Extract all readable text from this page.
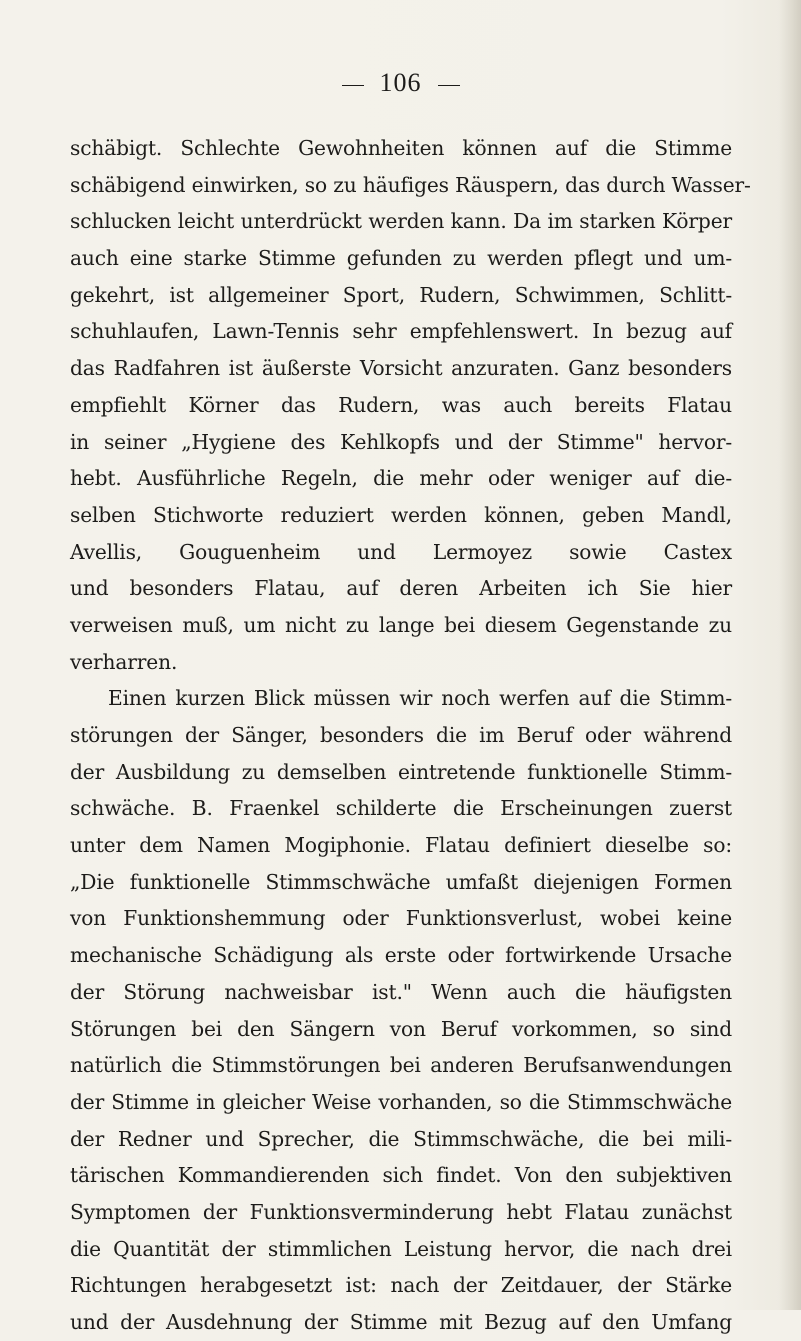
106
schäbigt. Schlechte Gewohnheiten können auf die Stimme
schäbigend einwirken, so zu häufiges Räuspern, das durch Wasser-
schlucken leicht unterdrückt werden kann. Da im starken Körper
auch eine starke Stimme gefunden zu werden pflegt und um-
gekehrt, ist allgemeiner Sport, Rudern, Schwimmen, Schlitt-
schuhlaufen, Lawn-Tennis sehr empfehlenswert. In bezug auf
das Radfahren ist äußerste Vorsicht anzuraten. Ganz besonders
empfiehlt Körner das Rudern, was auch bereits Flatau
in seiner „Hygiene des Kehlkopfs und der Stimme" hervor-
hebt. Ausführliche Regeln, die mehr oder weniger auf die-
selben Stichworte reduziert werden können, geben Mandl,
Avellis, Gouguenheim und Lermoyez sowie Castex
und besonders Flatau, auf deren Arbeiten ich Sie hier
verweisen muß, um nicht zu lange bei diesem Gegenstande zu
verharren.
Einen kurzen Blick müssen wir noch werfen auf die Stimm-
störungen der Sänger, besonders die im Beruf oder während
der Ausbildung zu demselben eintretende funktionelle Stimm-
schwäche. B. Fraenkel schilderte die Erscheinungen zuerst
unter dem Namen Mogiphonie. Flatau definiert dieselbe so:
„Die funktionelle Stimmschwäche umfaßt diejenigen Formen
von Funktionshemmung oder Funktionsverlust, wobei keine
mechanische Schädigung als erste oder fortwirkende Ursache
der Störung nachweisbar ist." Wenn auch die häufigsten
Störungen bei den Sängern von Beruf vorkommen, so sind
natürlich die Stimmstörungen bei anderen Berufsanwendungen
der Stimme in gleicher Weise vorhanden, so die Stimmschwäche
der Redner und Sprecher, die Stimmschwäche, die bei mili-
tärischen Kommandierenden sich findet. Von den subjektiven
Symptomen der Funktionsverminderung hebt Flatau zunächst
die Quantität der stimmlichen Leistung hervor, die nach drei
Richtungen herabgesetzt ist: nach der Zeitdauer, der Stärke
und der Ausdehnung der Stimme mit Bezug auf den Umfang
